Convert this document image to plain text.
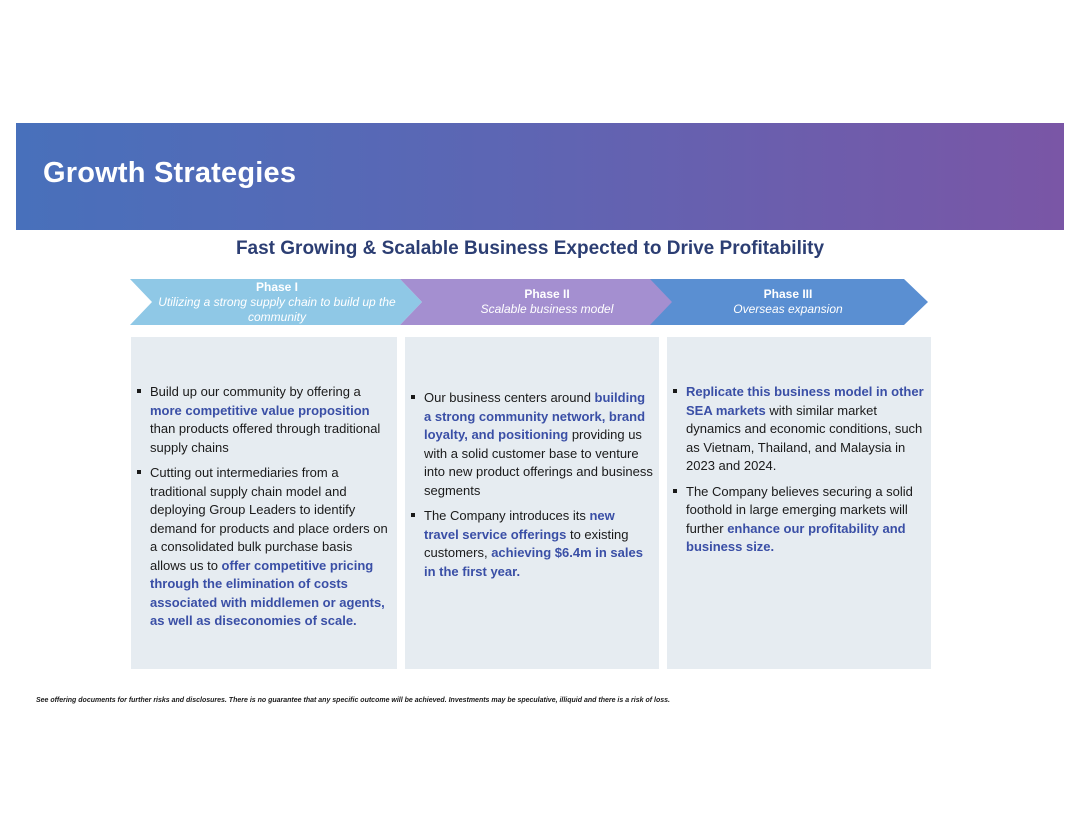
Growth Strategies
Fast Growing & Scalable Business Expected to Drive Profitability
Phase I
Utilizing a strong supply chain to build up the community
Phase II
Scalable business model
Phase III
Overseas expansion
Build up our community by offering a more competitive value proposition than products offered through traditional supply chains
Cutting out intermediaries from a traditional supply chain model and deploying Group Leaders to identify demand for products and place orders on a consolidated bulk purchase basis allows us to offer competitive pricing through the elimination of costs associated with middlemen or agents, as well as diseconomies of scale.
Our business centers around building a strong community network, brand loyalty, and positioning providing us with a solid customer base to venture into new product offerings and business segments
The Company introduces its new travel service offerings to existing customers, achieving $6.4m in sales in the first year.
Replicate this business model in other SEA markets with similar market dynamics and economic conditions, such as Vietnam, Thailand, and Malaysia in 2023 and 2024.
The Company believes securing a solid foothold in large emerging markets will further enhance our profitability and business size.

See offering documents for further risks and disclosures. There is no guarantee that any specific outcome will be achieved. Investments may be speculative, illiquid and there is a risk of loss.
